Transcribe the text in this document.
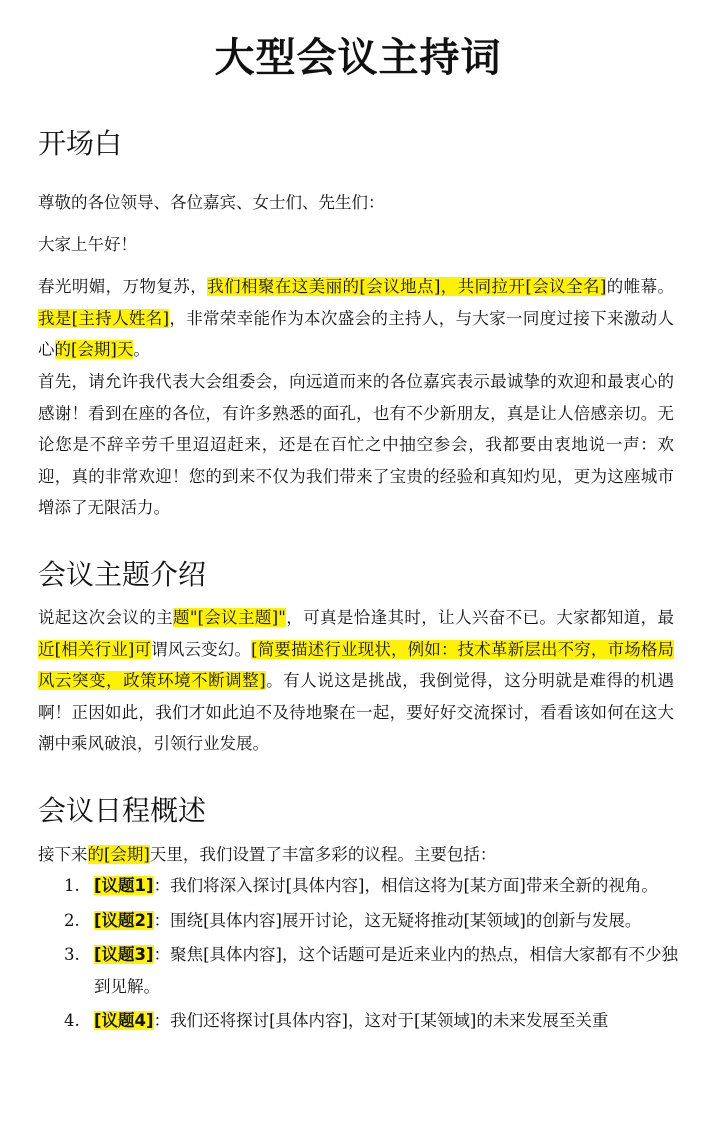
大型会议主持词
开场白

尊敬的各位领导、各位嘉宾、女士们、先生们：

大家上午好！

春光明媚，万物复苏，我们相聚在这美丽的[会议地点]，共同拉开[会议全名]的帷幕。我是[主持人姓名]，非常荣幸能作为本次盛会的主持人，与大家一同度过接下来激动人心的[会期]天。

首先，请允许我代表大会组委会，向远道而来的各位嘉宾表示最诚挚的欢迎和最衷心的感谢！看到在座的各位，有许多熟悉的面孔，也有不少新朋友，真是让人倍感亲切。无论您是不辞辛劳千里迢迢赶来，还是在百忙之中抽空参会，我都要由衷地说一声：欢迎，真的非常欢迎！您的到来不仅为我们带来了宝贵的经验和真知灼见，更为这座城市增添了无限活力。

会议主题介绍

说起这次会议的主题"[会议主题]"，可真是恰逢其时，让人兴奋不已。大家都知道，最近[相关行业]可谓风云变幻。[简要描述行业现状，例如：技术革新层出不穷，市场格局风云突变，政策环境不断调整]。有人说这是挑战，我倒觉得，这分明就是难得的机遇啊！正因如此，我们才如此迫不及待地聚在一起，要好好交流探讨，看看该如何在这大潮中乘风破浪，引领行业发展。

会议日程概述

接下来的[会期]天里，我们设置了丰富多彩的议程。主要包括：

1. [议题1]：我们将深入探讨[具体内容]，相信这将为[某方面]带来全新的视角。
2. [议题2]：围绕[具体内容]展开讨论，这无疑将推动[某领域]的创新与发展。
3. [议题3]：聚焦[具体内容]，这个话题可是近来业内的热点，相信大家都有不少独到见解。
4. [议题4]：我们还将探讨[具体内容]，这对于[某领域]的未来发展至关重
